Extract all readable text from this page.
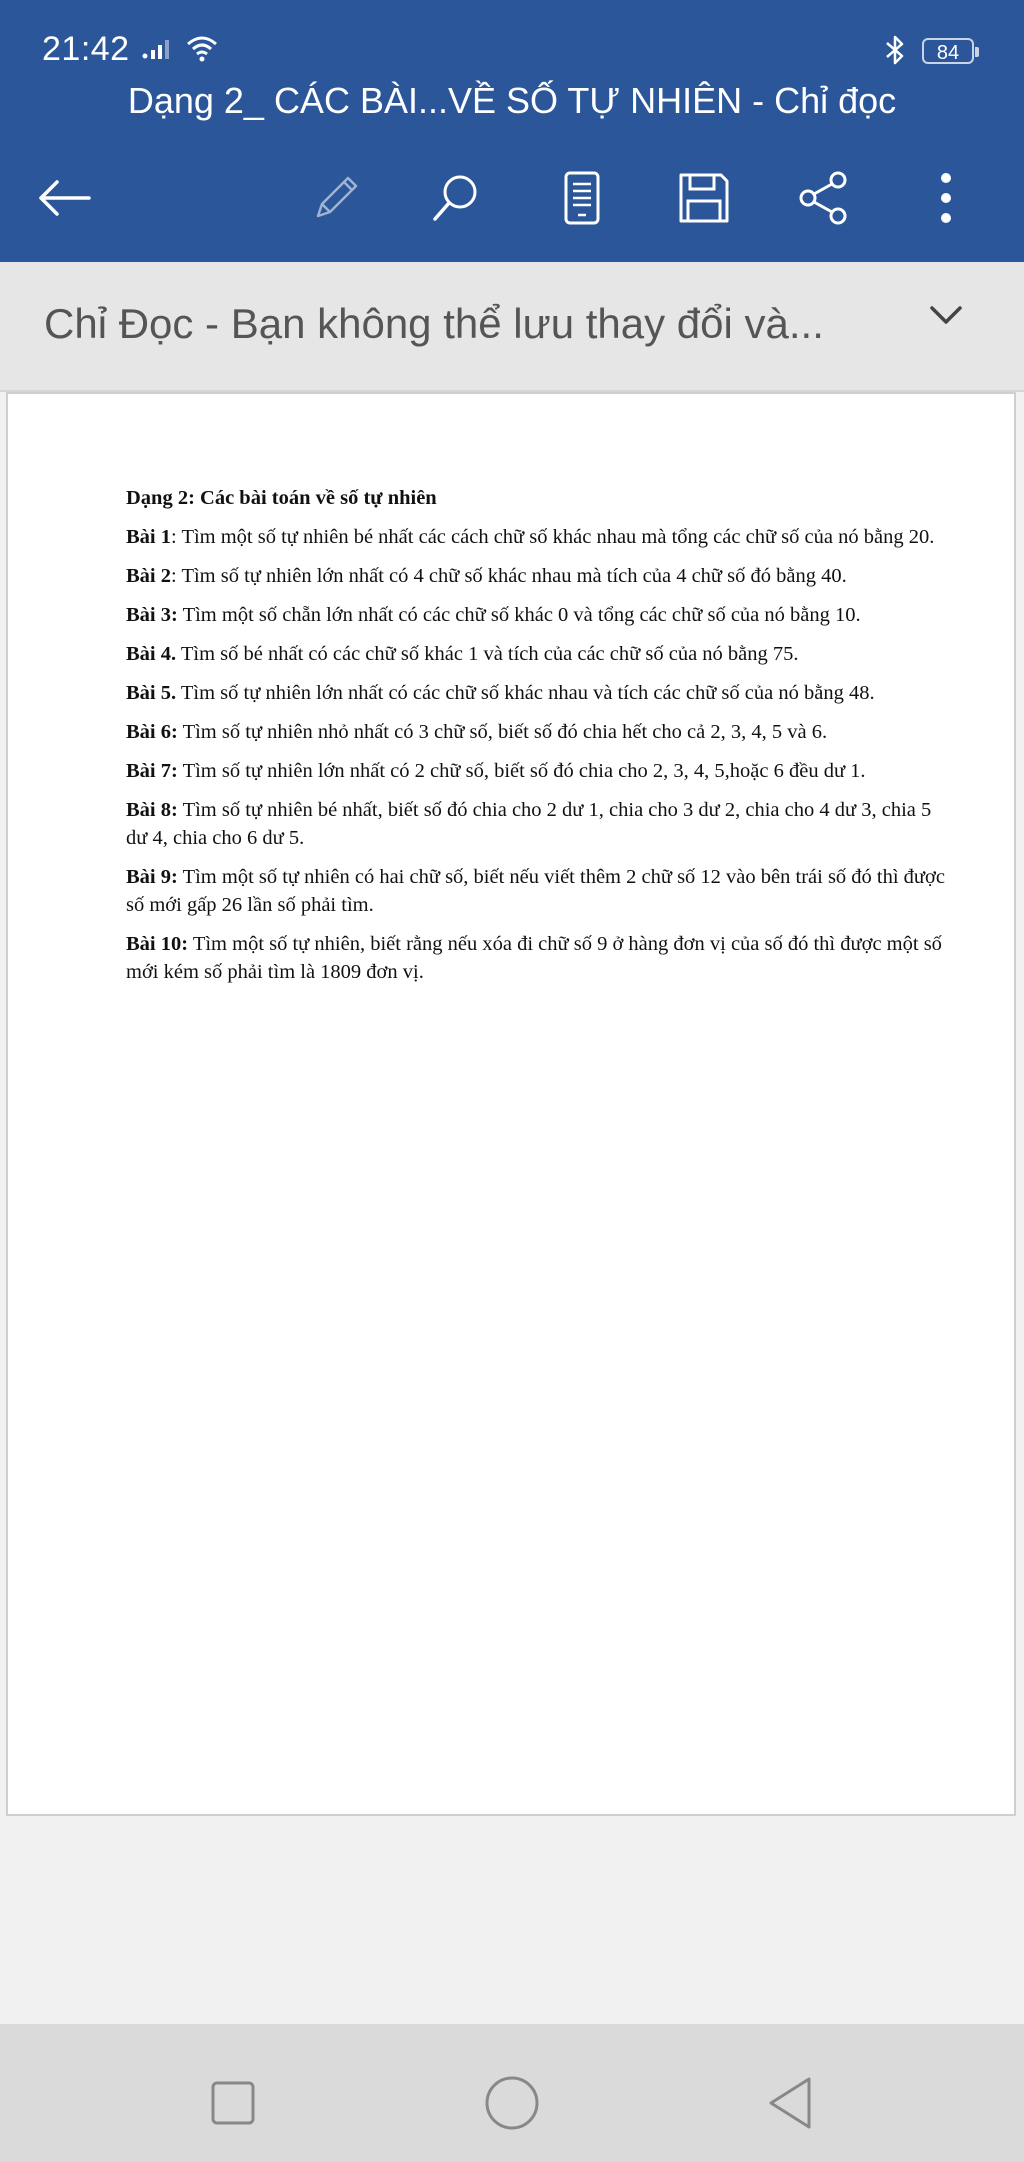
21:42	84
Dạng 2_ CÁC BÀI...VỀ SỐ TỰ NHIÊN - Chỉ đọc
Chỉ Đọc - Bạn không thể lưu thay đổi và...

Dạng 2: Các bài toán về số tự nhiên

Bài 1: Tìm một số tự nhiên bé nhất các cách chữ số khác nhau mà tổng các chữ số của nó bằng 20.

Bài 2: Tìm số tự nhiên lớn nhất có 4 chữ số khác nhau mà tích của 4 chữ số đó bằng 40.

Bài 3: Tìm một số chẵn lớn nhất có các chữ số khác 0 và tổng các chữ số của nó bằng 10.

Bài 4. Tìm số bé nhất có các chữ số khác 1 và tích của các chữ số của nó bằng 75.

Bài 5. Tìm số tự nhiên lớn nhất có các chữ số khác nhau và tích các chữ số của nó bằng 48.

Bài 6: Tìm số tự nhiên nhỏ nhất có 3 chữ số, biết số đó chia hết cho cả 2, 3, 4, 5 và 6.

Bài 7: Tìm số tự nhiên lớn nhất có 2 chữ số, biết số đó chia cho 2, 3, 4, 5,hoặc 6 đều dư 1.

Bài 8: Tìm số tự nhiên bé nhất, biết số đó chia cho 2 dư 1, chia cho 3 dư 2, chia cho 4 dư 3, chia 5 dư 4, chia cho 6 dư 5.

Bài 9: Tìm một số tự nhiên có hai chữ số, biết nếu viết thêm 2 chữ số 12 vào bên trái số đó thì được số mới gấp 26 lần số phải tìm.

Bài 10: Tìm một số tự nhiên, biết rằng nếu xóa đi chữ số 9 ở hàng đơn vị của số đó thì được một số mới kém số phải tìm là 1809 đơn vị.
